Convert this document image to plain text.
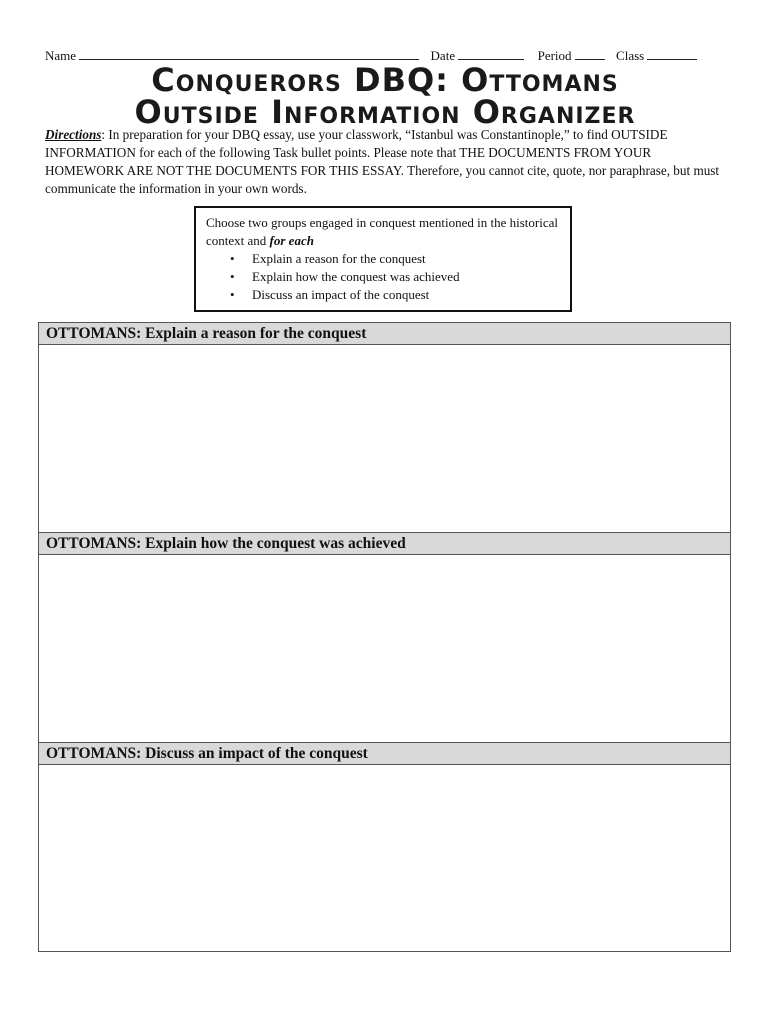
Name	Date	Period	Class
Conquerors DBQ: Ottomans
Outside Information Organizer
Directions: In preparation for your DBQ essay, use your classwork, “Istanbul was Constantinople,” to find OUTSIDE INFORMATION for each of the following Task bullet points. Please note that THE DOCUMENTS FROM YOUR HOMEWORK ARE NOT THE DOCUMENTS FOR THIS ESSAY. Therefore, you cannot cite, quote, nor paraphrase, but must communicate the information in your own words.
Choose two groups engaged in conquest mentioned in the historical context and for each
• Explain a reason for the conquest
• Explain how the conquest was achieved
• Discuss an impact of the conquest
OTTOMANS: Explain a reason for the conquest
OTTOMANS: Explain how the conquest was achieved
OTTOMANS: Discuss an impact of the conquest
